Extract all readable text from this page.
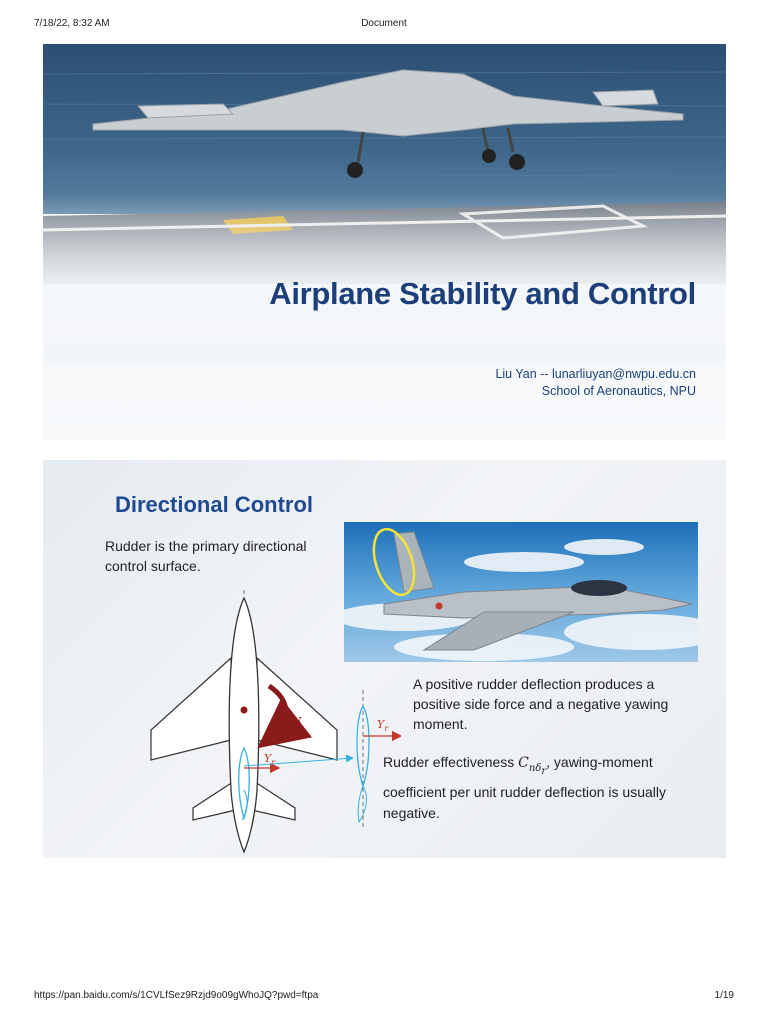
7/18/22, 8:32 AM	Document
Airplane Stability and Control
Liu Yan -- lunarliuyan@nwpu.edu.cn
School of Aeronautics, NPU
Directional Control
Rudder is the primary directional control surface.
A positive rudder deflection produces a positive side force and a negative yawing moment.
Rudder effectiveness $C_{n\delta_r}$, yawing-moment coefficient per unit rudder deflection is usually negative.
−N
$Y_r$
$Y_r$
https://pan.baidu.com/s/1CVLfSez9Rzjd9o09gWhoJQ?pwd=ftpa	1/19
